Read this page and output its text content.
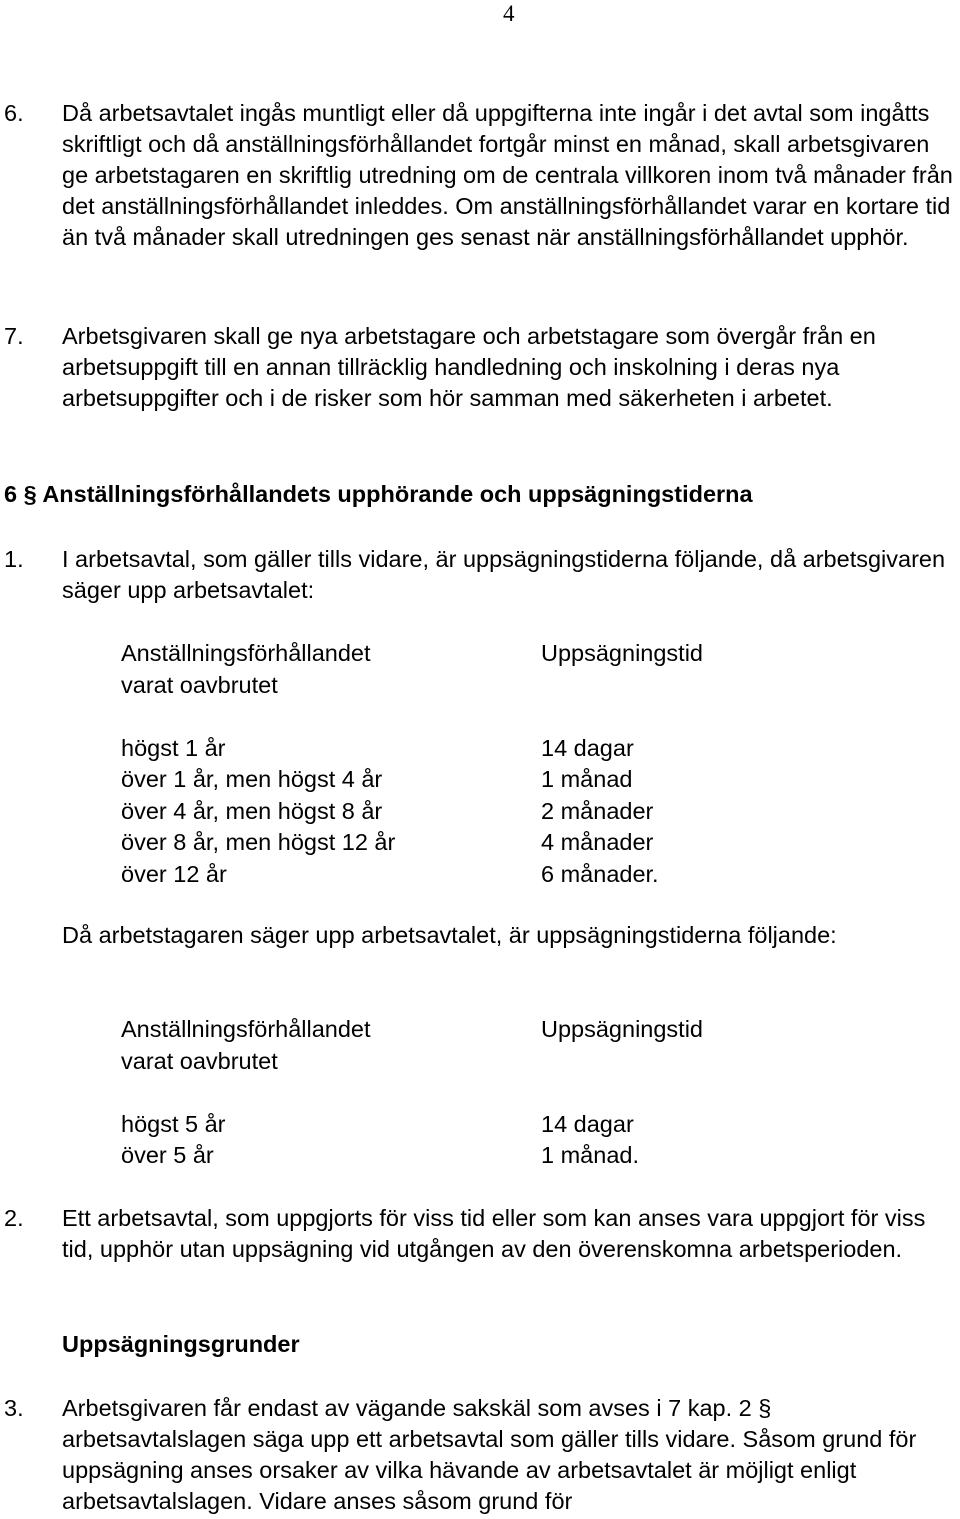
4
6. Då arbetsavtalet ingås muntligt eller då uppgifterna inte ingår i det avtal som ingåtts skriftligt och då anställningsförhållandet fortgår minst en månad, skall arbetsgivaren ge arbetstagaren en skriftlig utredning om de centrala villkoren inom två månader från det anställningsförhållandet inleddes. Om anställningsförhållandet varar en kortare tid än två månader skall utredningen ges senast när anställningsförhållandet upphör.
7. Arbetsgivaren skall ge nya arbetstagare och arbetstagare som övergår från en arbetsuppgift till en annan tillräcklig handledning och inskolning i deras nya arbetsuppgifter och i de risker som hör samman med säkerheten i arbetet.
6 § Anställningsförhållandets upphörande och uppsägningstiderna
1. I arbetsavtal, som gäller tills vidare, är uppsägningstiderna följande, då arbetsgivaren säger upp arbetsavtalet:
Anställningsförhållandet	Uppsägningstid
varat oavbrutet
högst 1 år	14 dagar
över 1 år, men högst 4 år	1 månad
över 4 år, men högst 8 år	2 månader
över 8 år, men högst 12 år	4 månader
över 12 år	6 månader.
Då arbetstagaren säger upp arbetsavtalet, är uppsägningstiderna följande:
Anställningsförhållandet	Uppsägningstid
varat oavbrutet
högst 5 år	14 dagar
över 5 år	1 månad.
2. Ett arbetsavtal, som uppgjorts för viss tid eller som kan anses vara uppgjort för viss tid, upphör utan uppsägning vid utgången av den överenskomna arbetsperioden.
Uppsägningsgrunder
3. Arbetsgivaren får endast av vägande sakskäl som avses i 7 kap. 2 § arbetsavtalslagen säga upp ett arbetsavtal som gäller tills vidare. Såsom grund för uppsägning anses orsaker av vilka hävande av arbetsavtalet är möjligt enligt arbetsavtalslagen. Vidare anses såsom grund för
